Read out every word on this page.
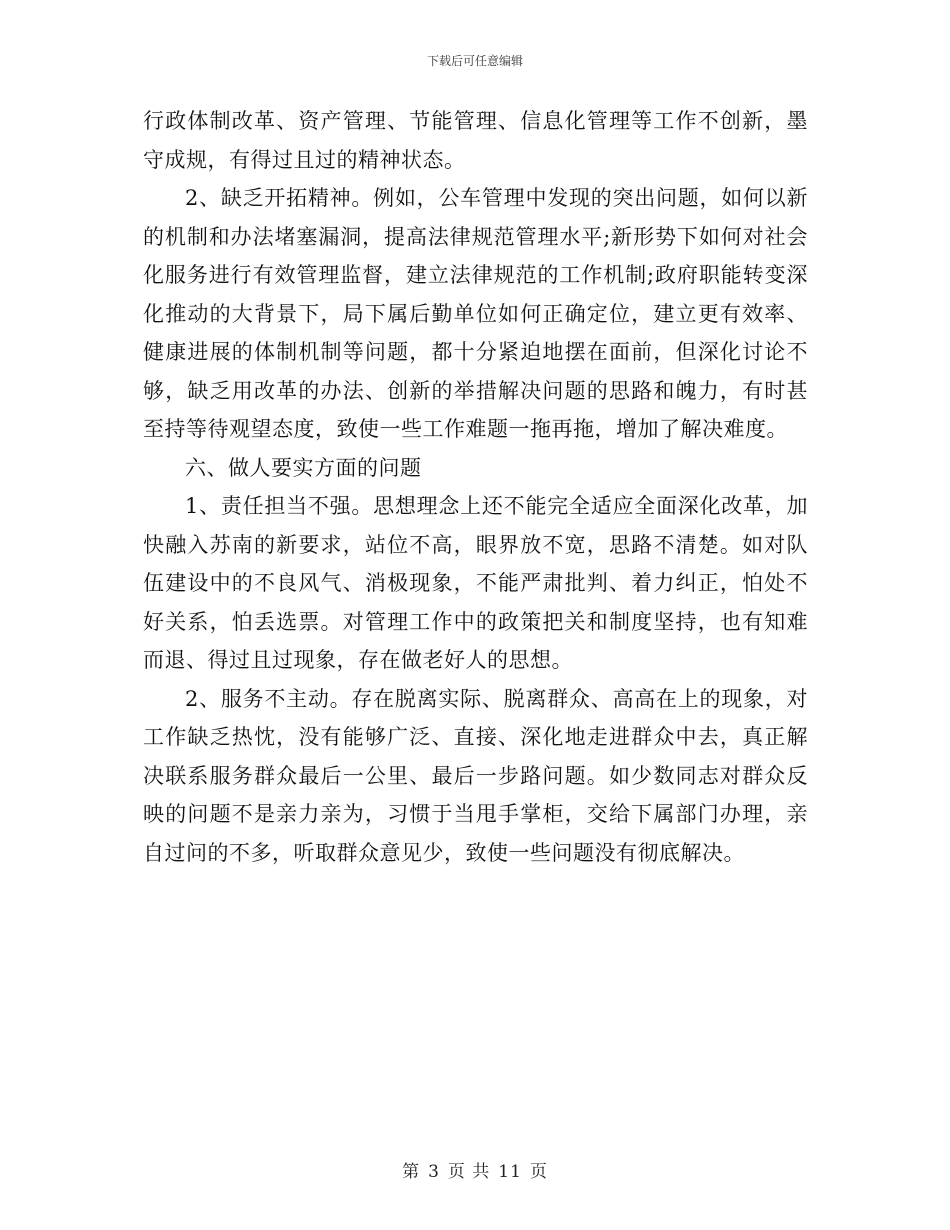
下载后可任意编辑

行政体制改革、资产管理、节能管理、信息化管理等工作不创新，墨守成规，有得过且过的精神状态。

2、缺乏开拓精神。例如，公车管理中发现的突出问题，如何以新的机制和办法堵塞漏洞，提高法律规范管理水平;新形势下如何对社会化服务进行有效管理监督，建立法律规范的工作机制;政府职能转变深化推动的大背景下，局下属后勤单位如何正确定位，建立更有效率、健康进展的体制机制等问题，都十分紧迫地摆在面前，但深化讨论不够，缺乏用改革的办法、创新的举措解决问题的思路和魄力，有时甚至持等待观望态度，致使一些工作难题一拖再拖，增加了解决难度。

六、做人要实方面的问题

1、责任担当不强。思想理念上还不能完全适应全面深化改革，加快融入苏南的新要求，站位不高，眼界放不宽，思路不清楚。如对队伍建设中的不良风气、消极现象，不能严肃批判、着力纠正，怕处不好关系，怕丢选票。对管理工作中的政策把关和制度坚持，也有知难而退、得过且过现象，存在做老好人的思想。

2、服务不主动。存在脱离实际、脱离群众、高高在上的现象，对工作缺乏热忱，没有能够广泛、直接、深化地走进群众中去，真正解决联系服务群众最后一公里、最后一步路问题。如少数同志对群众反映的问题不是亲力亲为，习惯于当甩手掌柜，交给下属部门办理，亲自过问的不多，听取群众意见少，致使一些问题没有彻底解决。

第 3 页 共 11 页
